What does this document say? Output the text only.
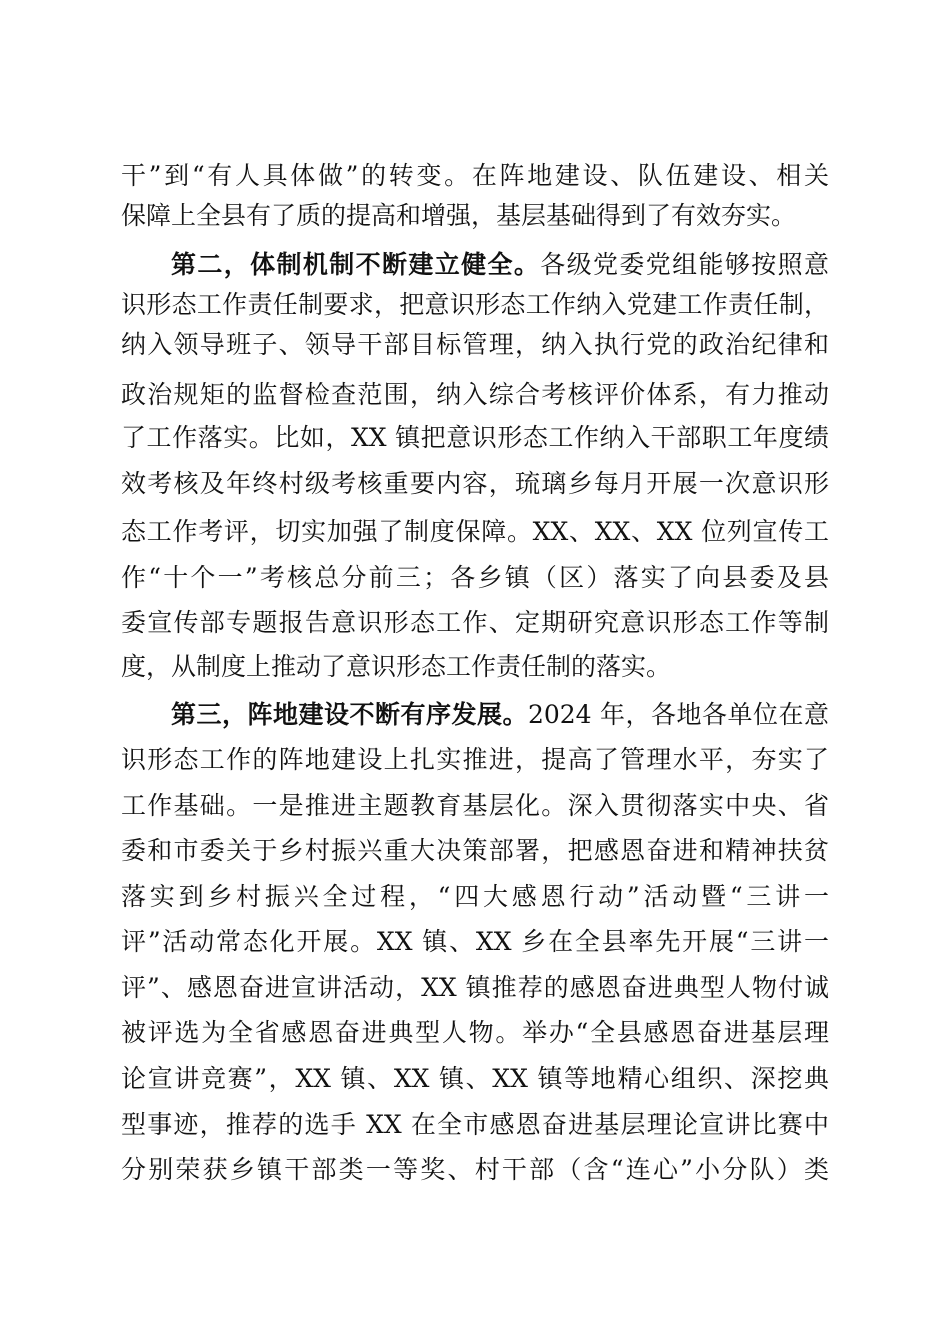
干”到“有人具体做”的转变。在阵地建设、队伍建设、相关
保障上全县有了质的提高和增强，基层基础得到了有效夯实。
第二，体制机制不断建立健全。各级党委党组能够按照意
识形态工作责任制要求，把意识形态工作纳入党建工作责任制，
纳入领导班子、领导干部目标管理，纳入执行党的政治纪律和
政治规矩的监督检查范围，纳入综合考核评价体系，有力推动
了工作落实。比如，XX 镇把意识形态工作纳入干部职工年度绩
效考核及年终村级考核重要内容，琉璃乡每月开展一次意识形
态工作考评，切实加强了制度保障。XX、XX、XX 位列宣传工
作“十个一”考核总分前三；各乡镇（区）落实了向县委及县
委宣传部专题报告意识形态工作、定期研究意识形态工作等制
度，从制度上推动了意识形态工作责任制的落实。
第三，阵地建设不断有序发展。2024 年，各地各单位在意
识形态工作的阵地建设上扎实推进，提高了管理水平，夯实了
工作基础。一是推进主题教育基层化。深入贯彻落实中央、省
委和市委关于乡村振兴重大决策部署，把感恩奋进和精神扶贫
落实到乡村振兴全过程，“四大感恩行动”活动暨“三讲一
评”活动常态化开展。XX 镇、XX 乡在全县率先开展“三讲一
评”、感恩奋进宣讲活动，XX 镇推荐的感恩奋进典型人物付诚
被评选为全省感恩奋进典型人物。举办“全县感恩奋进基层理
论宣讲竞赛”，XX 镇、XX 镇、XX 镇等地精心组织、深挖典
型事迹，推荐的选手 XX 在全市感恩奋进基层理论宣讲比赛中
分别荣获乡镇干部类一等奖、村干部（含“连心”小分队）类
